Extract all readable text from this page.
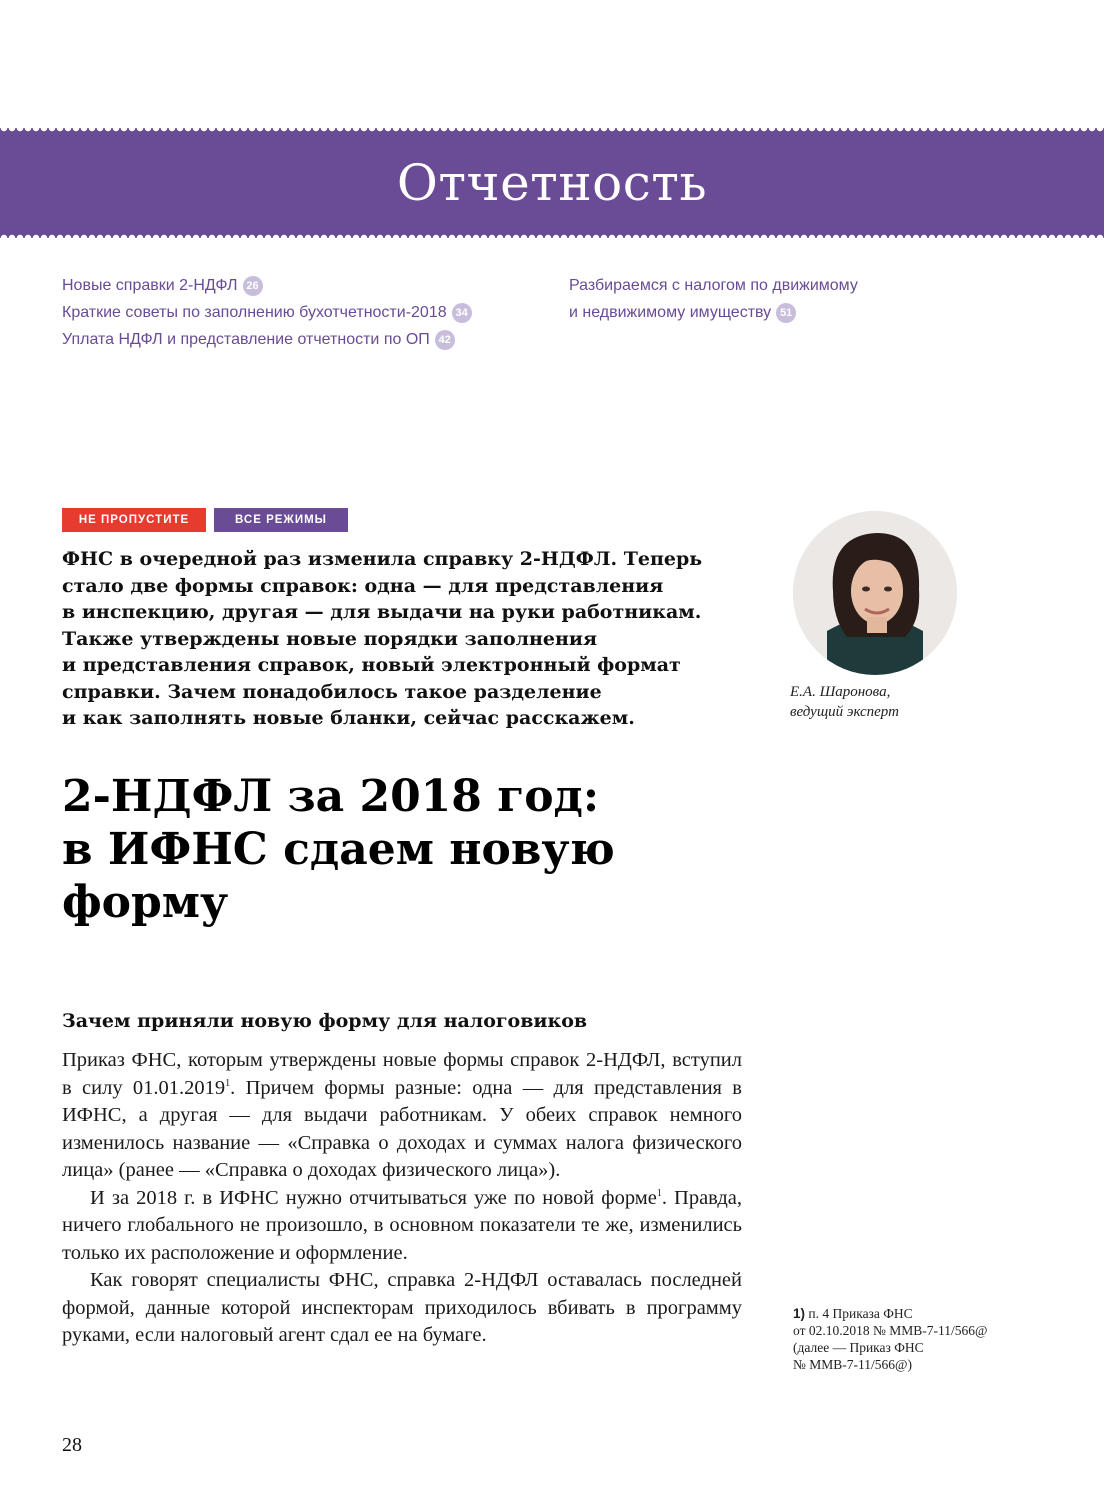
Отчетность
Новые справки 2-НДФЛ 26
Краткие советы по заполнению бухотчетности-2018 34
Уплата НДФЛ и представление отчетности по ОП 42
Разбираемся с налогом по движимому
и недвижимому имуществу 51
НЕ ПРОПУСТИТЕ	ВСЕ РЕЖИМЫ

ФНС в очередной раз изменила справку 2-НДФЛ. Теперь
стало две формы справок: одна — для представления
в инспекцию, другая — для выдачи на руки работникам.
Также утверждены новые порядки заполнения
и представления справок, новый электронный формат
справки. Зачем понадобилось такое разделение
и как заполнять новые бланки, сейчас расскажем.

Е.А. Шаронова,
ведущий эксперт
2-НДФЛ за 2018 год:
в ИФНС сдаем новую
форму
Зачем приняли новую форму для налоговиков

Приказ ФНС, которым утверждены новые формы справок 2-НДФЛ, вступил в силу 01.01.2019$^1$. Причем формы разные: одна — для представления в ИФНС, а другая — для выдачи работникам. У обеих справок немного изменилось название — «Справка о доходах и суммах налога физического лица» (ранее — «Справка о доходах физического лица»).

И за 2018 г. в ИФНС нужно отчитываться уже по новой форме$^1$. Правда, ничего глобального не произошло, в основном показатели те же, изменились только их расположение и оформление.

Как говорят специалисты ФНС, справка 2-НДФЛ оставалась последней формой, данные которой инспекторам приходилось вбивать в программу руками, если налоговый агент сдал ее на бумаге.

1) п. 4 Приказа ФНС
от 02.10.2018 № ММВ-7-11/566@
(далее — Приказ ФНС
№ ММВ-7-11/566@)
28
